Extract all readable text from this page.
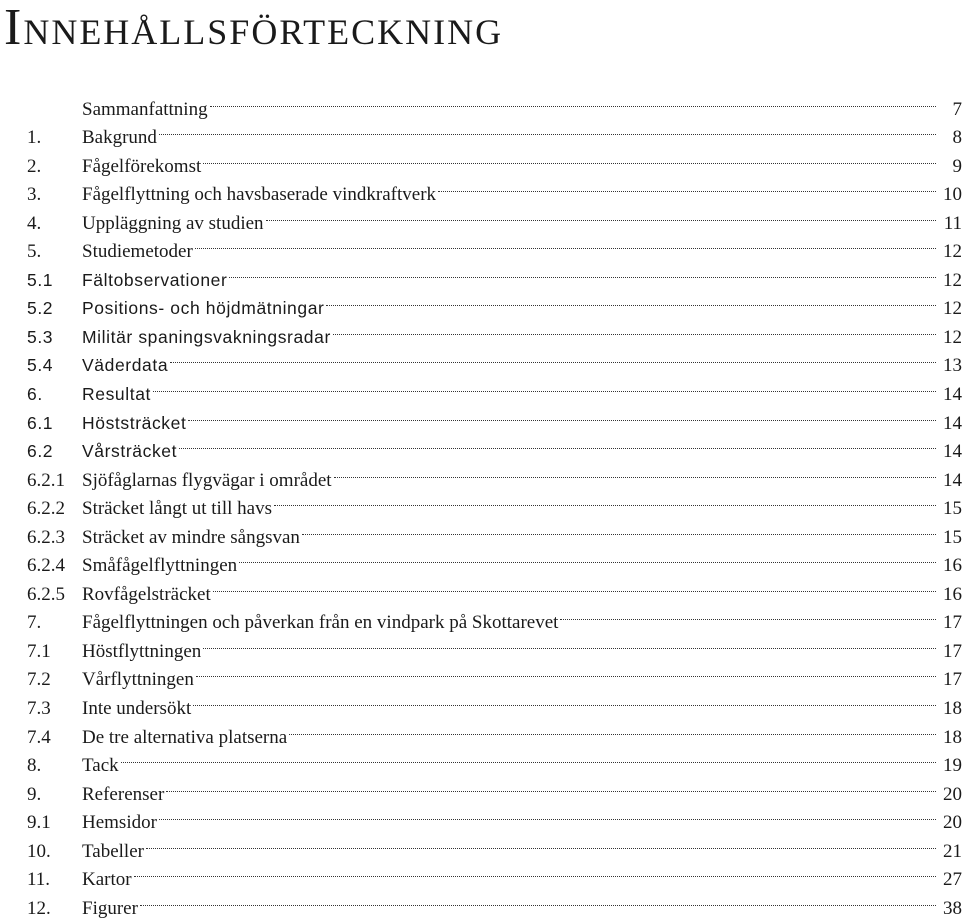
Innehållsförteckning
Sammanfattning	7
1.	Bakgrund	8
2.	Fågelförekomst	9
3.	Fågelflyttning och havsbaserade vindkraftverk	10
4.	Uppläggning av studien	11
5.	Studiemetoder	12
5.1	Fältobservationer	12
5.2	Positions- och höjdmätningar	12
5.3	Militär spaningsvakningsradar	12
5.4	Väderdata	13
6.	Resultat	14
6.1	Höststräcket	14
6.2	Vårsträcket	14
6.2.1 Sjöfåglarnas flygvägar i området	14
6.2.2 Sträcket långt ut till havs	15
6.2.3 Sträcket av mindre sångsvan	15
6.2.4 Småfågelflyttningen	16
6.2.5 Rovfågelsträcket	16
7.	Fågelflyttningen och påverkan från en vindpark på Skottarevet	17
7.1	Höstflyttningen	17
7.2	Vårflyttningen	17
7.3	Inte undersökt	18
7.4	De tre alternativa platserna	18
8.	Tack	19
9.	Referenser	20
9.1	Hemsidor	20
10.	Tabeller	21
11.	Kartor	27
12.	Figurer	38
